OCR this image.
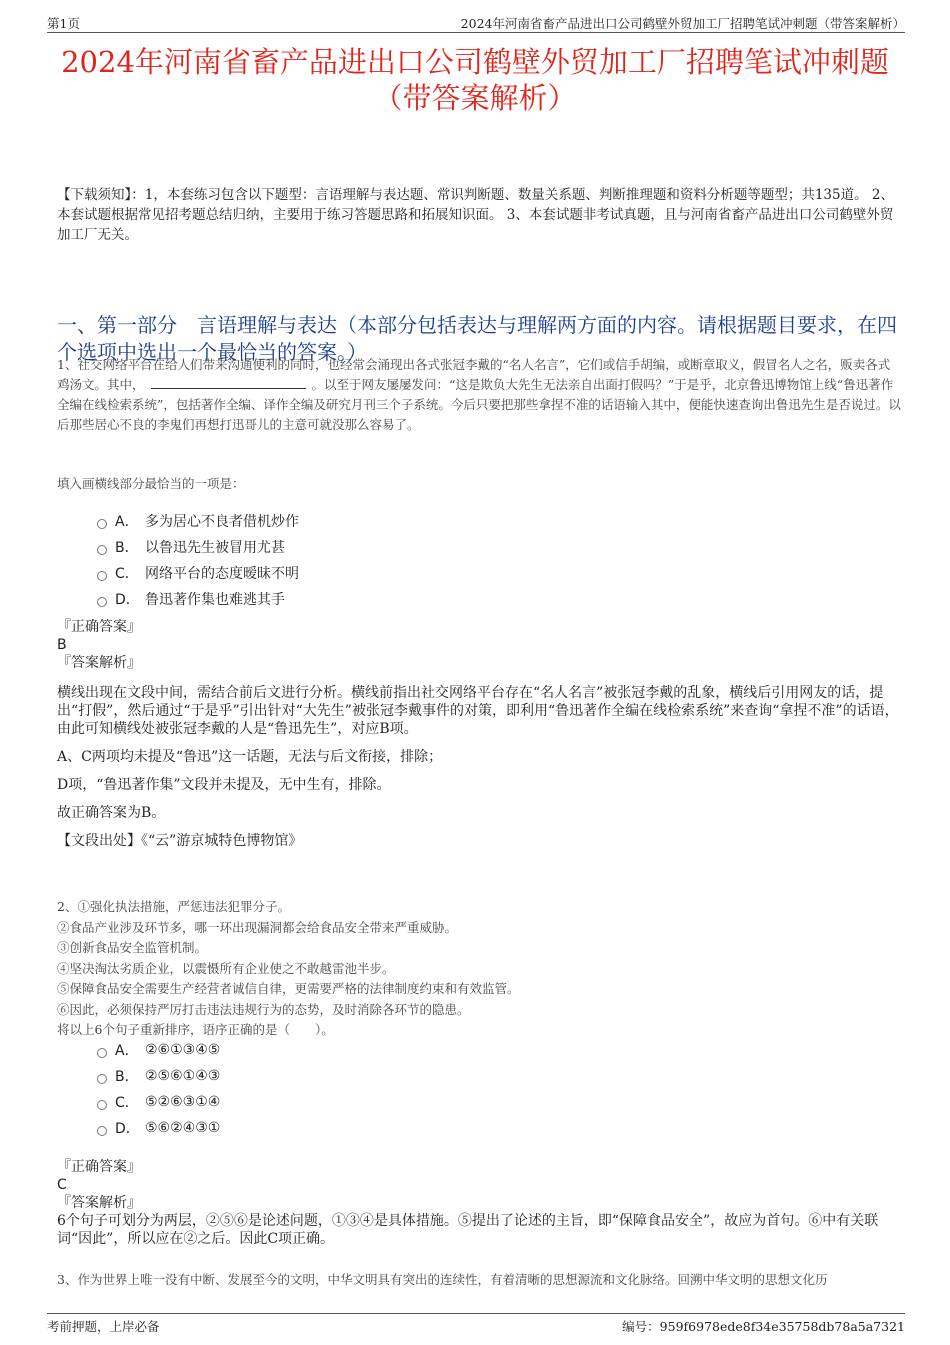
第1页	2024年河南省畜产品进出口公司鹤壁外贸加工厂招聘笔试冲刺题（带答案解析）
2024年河南省畜产品进出口公司鹤壁外贸加工厂招聘笔试冲刺题（带答案解析）
【下载须知】：1，本套练习包含以下题型：言语理解与表达题、常识判断题、数量关系题、判断推理题和资料分析题等题型；共135道。 2、本套试题根据常见招考题总结归纳，主要用于练习答题思路和拓展知识面。 3、本套试题非考试真题，且与河南省畜产品进出口公司鹤壁外贸加工厂无关。
一、第一部分　言语理解与表达（本部分包括表达与理解两方面的内容。请根据题目要求，在四个选项中选出一个最恰当的答案。）
1、社交网络平台在给人们带来沟通便利的同时，也经常会涌现出各式张冠李戴的“名人名言”，它们或信手胡编，或断章取义，假冒名人之名，贩卖各式鸡汤文。其中，	。以至于网友屡屡发问：“这是欺负大先生无法亲自出面打假吗？”于是乎，北京鲁迅博物馆上线“鲁迅著作全编在线检索系统”，包括著作全编、译作全编及研究月刊三个子系统。今后只要把那些拿捏不准的话语输入其中，便能快速查询出鲁迅先生是否说过。以后那些居心不良的李鬼们再想打迅哥儿的主意可就没那么容易了。
填入画横线部分最恰当的一项是：
A． 多为居心不良者借机炒作
B． 以鲁迅先生被冒用尤甚
C． 网络平台的态度暧昧不明
D． 鲁迅著作集也难逃其手
『正确答案』
B
『答案解析』
横线出现在文段中间，需结合前后文进行分析。横线前指出社交网络平台存在“名人名言”被张冠李戴的乱象，横线后引用网友的话，提出“打假”，然后通过“于是乎”引出针对“大先生”被张冠李戴事件的对策，即利用“鲁迅著作全编在线检索系统”来查询“拿捏不准”的话语，由此可知横线处被张冠李戴的人是“鲁迅先生”，对应B项。
A、C两项均未提及“鲁迅”这一话题，无法与后文衔接，排除；
D项，“鲁迅著作集”文段并未提及，无中生有，排除。
故正确答案为B。
【文段出处】《“云”游京城特色博物馆》
2、①强化执法措施，严惩违法犯罪分子。
②食品产业涉及环节多，哪一环出现漏洞都会给食品安全带来严重威胁。
③创新食品安全监管机制。
④坚决淘汰劣质企业，以震慑所有企业使之不敢越雷池半步。
⑤保障食品安全需要生产经营者诚信自律，更需要严格的法律制度约束和有效监管。
⑥因此，必须保持严厉打击违法违规行为的态势，及时消除各环节的隐患。
将以上6个句子重新排序，语序正确的是（　　）。
A． ②⑥①③④⑤
B． ②⑤⑥①④③
C． ⑤②⑥③①④
D． ⑤⑥②④③①
『正确答案』
C
『答案解析』
6个句子可划分为两层，②⑤⑥是论述问题，①③④是具体措施。⑤提出了论述的主旨，即“保障食品安全”，故应为首句。⑥中有关联词“因此”，所以应在②之后。因此C项正确。
3、作为世界上唯一没有中断、发展至今的文明，中华文明具有突出的连续性，有着清晰的思想源流和文化脉络。回溯中华文明的思想文化历
考前押题，上岸必备	编号：959f6978ede8f34e35758db78a5a7321
